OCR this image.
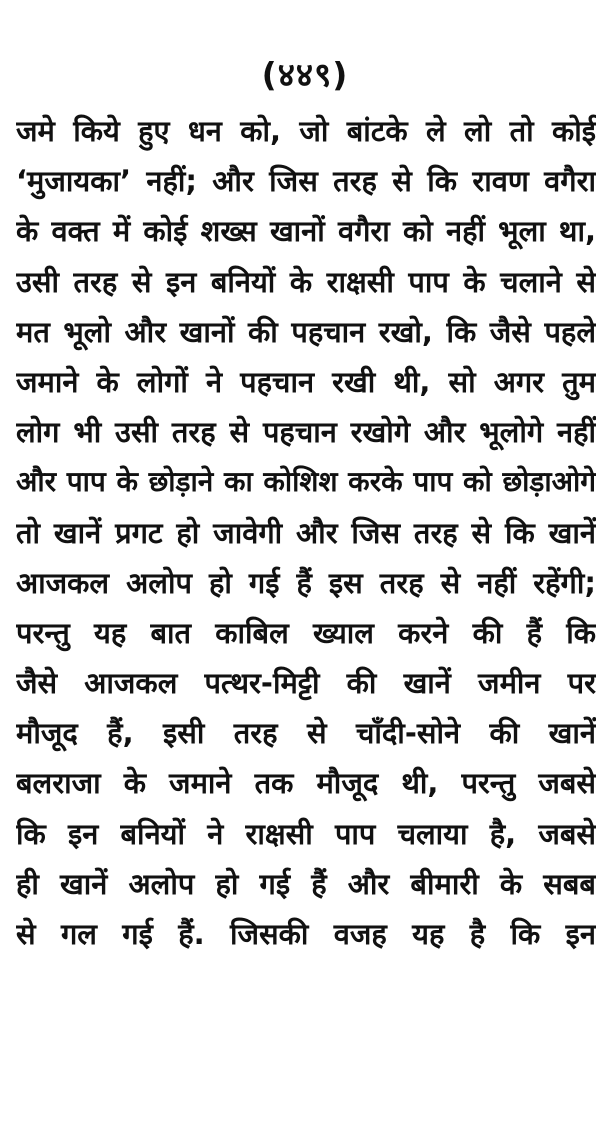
(४४९)
जमे किये हुए धन को, जो बांटके ले लो तो कोई
‘मुजायका’ नहीं; और जिस तरह से कि रावण वगैरा
के वक्त में कोई शख्स खानों वगैरा को नहीं भूला था,
उसी तरह से इन बनियों के राक्षसी पाप के चलाने से
मत भूलो और खानों की पहचान रखो, कि जैसे पहले
जमाने के लोगों ने पहचान रखी थी, सो अगर तुम
लोग भी उसी तरह से पहचान रखोगे और भूलोगे नहीं
और पाप के छोड़ाने का कोशिश करके पाप को छोड़ाओगे
तो खानें प्रगट हो जावेगी और जिस तरह से कि खानें
आजकल अलोप हो गई हैं इस तरह से नहीं रहेंगी;
परन्तु यह बात काबिल ख्याल करने की हैं कि
जैसे आजकल पत्थर-मिट्टी की खानें जमीन पर
मौजूद हैं, इसी तरह से चाँदी-सोने की खानें
बलराजा के जमाने तक मौजूद थी, परन्तु जबसे
कि इन बनियों ने राक्षसी पाप चलाया है, जबसे
ही खानें अलोप हो गई हैं और बीमारी के सबब
से गल गई हैं. जिसकी वजह यह है कि इन
